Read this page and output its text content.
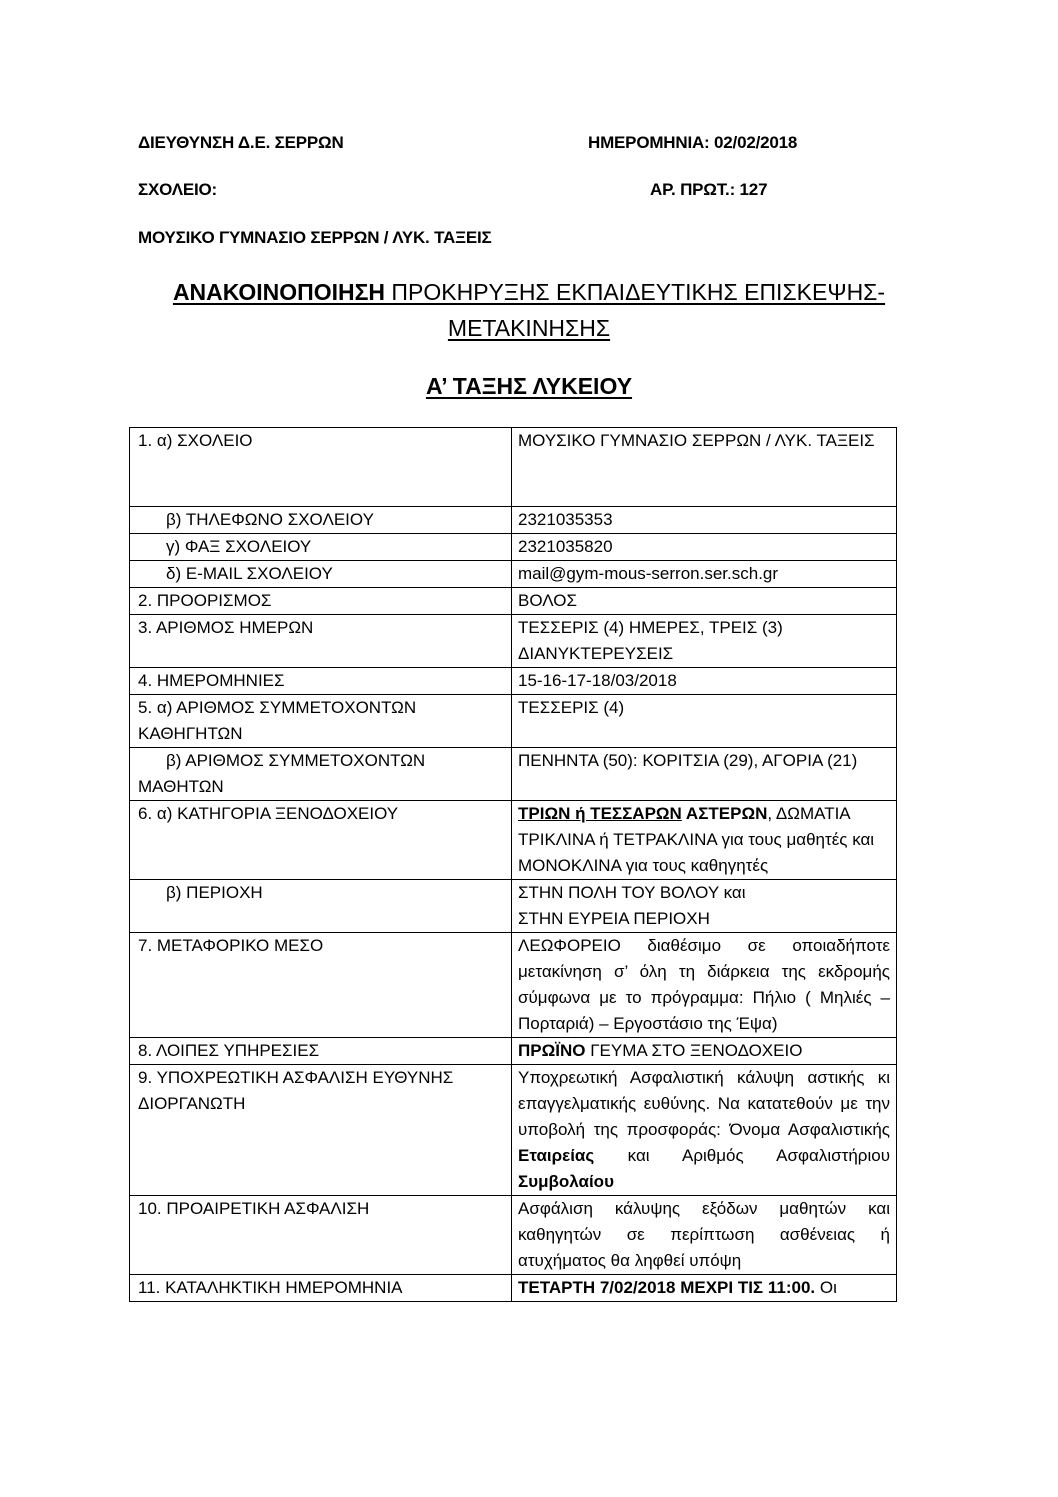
ΔΙΕΥΘΥΝΣΗ Δ.Ε. ΣΕΡΡΩΝ	ΗΜΕΡΟΜΗΝΙΑ: 02/02/2018
ΣΧΟΛΕΙΟ:	ΑΡ. ΠΡΩΤ.: 127
ΜΟΥΣΙΚΟ ΓΥΜΝΑΣΙΟ ΣΕΡΡΩΝ / ΛΥΚ. ΤΑΞΕΙΣ
ΑΝΑΚΟΙΝΟΠΟΙΗΣΗ ΠΡΟΚΗΡΥΞΗΣ ΕΚΠΑΙΔΕΥΤΙΚΗΣ ΕΠΙΣΚΕΨΗΣ-
ΜΕΤΑΚΙΝΗΣΗΣ
Α’ ΤΑΞΗΣ ΛΥΚΕΙΟΥ
1. α) ΣΧΟΛΕΙΟ	ΜΟΥΣΙΚΟ ΓΥΜΝΑΣΙΟ ΣΕΡΡΩΝ / ΛΥΚ. ΤΑΞΕΙΣ
β) ΤΗΛΕΦΩΝΟ ΣΧΟΛΕΙΟΥ	2321035353
γ) ΦΑΞ ΣΧΟΛΕΙΟΥ	2321035820
δ) E-MAIL ΣΧΟΛΕΙΟΥ	mail@gym-mous-serron.ser.sch.gr
2. ΠΡΟΟΡΙΣΜΟΣ	ΒΟΛΟΣ
3. ΑΡΙΘΜΟΣ ΗΜΕΡΩΝ	ΤΕΣΣΕΡΙΣ (4) ΗΜΕΡΕΣ, ΤΡΕΙΣ (3) ΔΙΑΝΥΚΤΕΡΕΥΣΕΙΣ
4. ΗΜΕΡΟΜΗΝΙΕΣ	15-16-17-18/03/2018
5. α) ΑΡΙΘΜΟΣ ΣΥΜΜΕΤΟΧΟΝΤΩΝ ΚΑΘΗΓΗΤΩΝ	ΤΕΣΣΕΡΙΣ (4)
β) ΑΡΙΘΜΟΣ ΣΥΜΜΕΤΟΧΟΝΤΩΝ
ΜΑΘΗΤΩΝ	ΠΕΝΗΝΤΑ (50): ΚΟΡΙΤΣΙΑ (29), ΑΓΟΡΙΑ (21)
6. α) ΚΑΤΗΓΟΡΙΑ ΞΕΝΟΔΟΧΕΙΟΥ	ΤΡΙΩΝ ή ΤΕΣΣΑΡΩΝ ΑΣΤΕΡΩΝ, ΔΩΜΑΤΙΑ ΤΡΙΚΛΙΝΑ ή ΤΕΤΡΑΚΛΙΝΑ για τους μαθητές και ΜΟΝΟΚΛΙΝΑ για τους καθηγητές
β) ΠΕΡΙΟΧΗ	ΣΤΗΝ ΠΟΛΗ ΤΟΥ ΒΟΛΟΥ και
ΣΤΗΝ ΕΥΡΕΙΑ ΠΕΡΙΟΧΗ
7. ΜΕΤΑΦΟΡΙΚΟ ΜΕΣΟ	ΛΕΩΦΟΡΕΙΟ διαθέσιμο σε οποιαδήποτε μετακίνηση σ’ όλη τη διάρκεια της εκδρομής σύμφωνα με το πρόγραμμα: Πήλιο ( Μηλιές –Πορταριά) – Εργοστάσιο της Έψα)
8. ΛΟΙΠΕΣ ΥΠΗΡΕΣΙΕΣ	ΠΡΩΪΝΟ ΓΕΥΜΑ ΣΤΟ ΞΕΝΟΔΟΧΕΙΟ
9. ΥΠΟΧΡΕΩΤΙΚΗ ΑΣΦΑΛΙΣΗ ΕΥΘΥΝΗΣ ΔΙΟΡΓΑΝΩΤΗ	Υποχρεωτική Ασφαλιστική κάλυψη αστικής κι επαγγελματικής ευθύνης. Να κατατεθούν με την υποβολή της προσφοράς: Όνομα Ασφαλιστικής Εταιρείας και Αριθμός Ασφαλιστήριου Συμβολαίου
10. ΠΡΟΑΙΡΕΤΙΚΗ ΑΣΦΑΛΙΣΗ	Ασφάλιση κάλυψης εξόδων μαθητών και καθηγητών σε περίπτωση ασθένειας ή ατυχήματος θα ληφθεί υπόψη
11. ΚΑΤΑΛΗΚΤΙΚΗ ΗΜΕΡΟΜΗΝΙΑ	ΤΕΤΑΡΤΗ 7/02/2018 ΜΕΧΡΙ ΤΙΣ 11:00. Οι
